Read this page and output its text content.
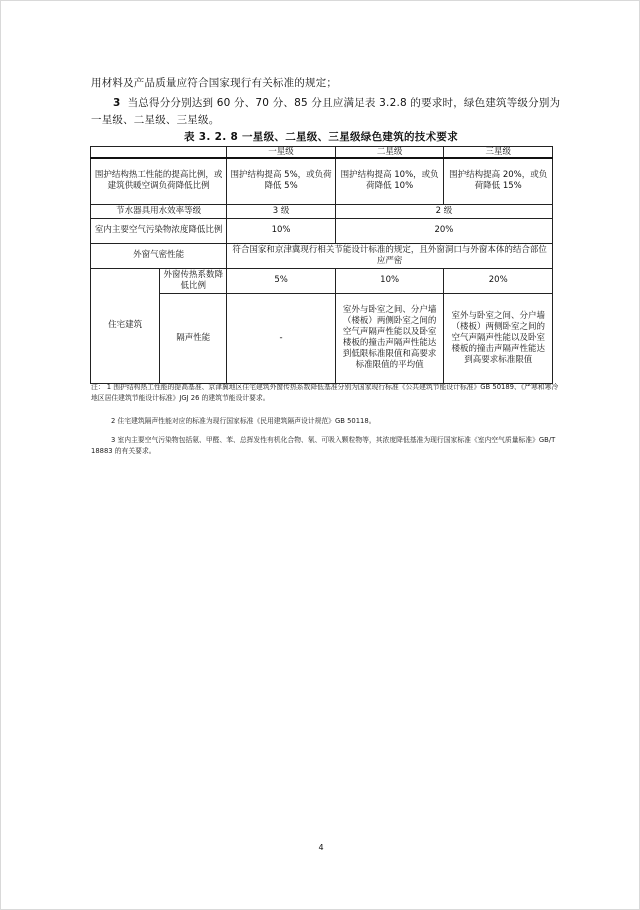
用材料及产品质量应符合国家现行有关标准的规定；
3 当总得分分别达到 60 分、70 分、85 分且应满足表 3.2.8 的要求时，绿色建筑等级分别为一星级、二星级、三星级。
表 3. 2. 8 一星级、二星级、三星级绿色建筑的技术要求
		一星级	二星级	三星级
围护结构热工性能的提高比例，或建筑供暖空调负荷降低比例		围护结构提高 5%，或负荷降低 5%	围护结构提高 10%，或负荷降低 10%	围护结构提高 20%，或负荷降低 15%
节水器具用水效率等级		3 级	2 级	
室内主要空气污染物浓度降低比例		10%	20%	
外窗气密性能		符合国家和京津冀现行相关节能设计标准的规定，且外窗洞口与外窗本体的结合部位应严密		
住宅建筑	外窗传热系数降低比例	5%	10%	20%
	隔声性能	-	室外与卧室之间、分户墙（楼板）两侧卧室之间的空气声隔声性能以及卧室楼板的撞击声隔声性能达到低限标准限值和高要求标准限值的平均值	室外与卧室之间、分户墙（楼板）两侧卧室之间的空气声隔声性能以及卧室楼板的撞击声隔声性能达到高要求标准限值
注： 1 围护结构热工性能的提高基准、京津冀地区住宅建筑外窗传热系数降低基准分别为国家现行标准《公共建筑节能设计标准》GB 50189、《严寒和寒冷地区居住建筑节能设计标准》JGJ 26 的建筑节能设计要求。
2 住宅建筑隔声性能对应的标准为现行国家标准《民用建筑隔声设计规范》GB 50118。
3 室内主要空气污染物包括氨、甲醛、苯、总挥发性有机化合物、氡、可吸入颗粒物等，其浓度降低基准为现行国家标准《室内空气质量标准》GB/T 18883 的有关要求。
4
